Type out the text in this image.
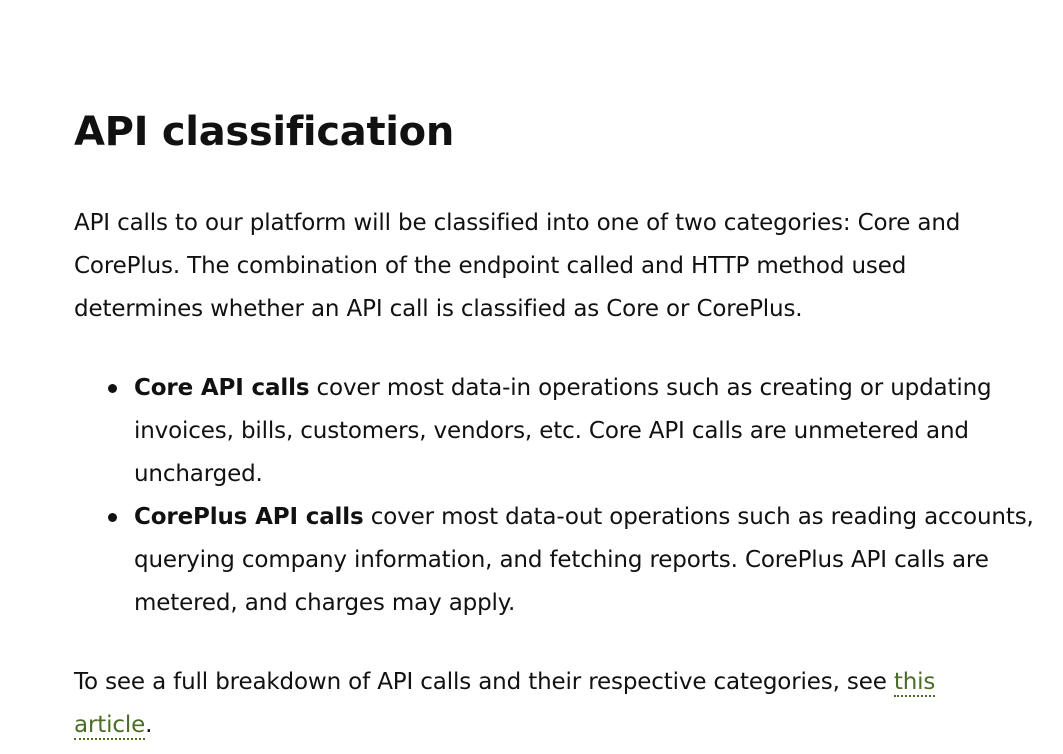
API classification

API calls to our platform will be classified into one of two categories: Core and CorePlus. The combination of the endpoint called and HTTP method used determines whether an API call is classified as Core or CorePlus.

Core API calls cover most data-in operations such as creating or updating invoices, bills, customers, vendors, etc. Core API calls are unmetered and uncharged.
CorePlus API calls cover most data-out operations such as reading accounts, querying company information, and fetching reports. CorePlus API calls are metered, and charges may apply.

To see a full breakdown of API calls and their respective categories, see this article.
